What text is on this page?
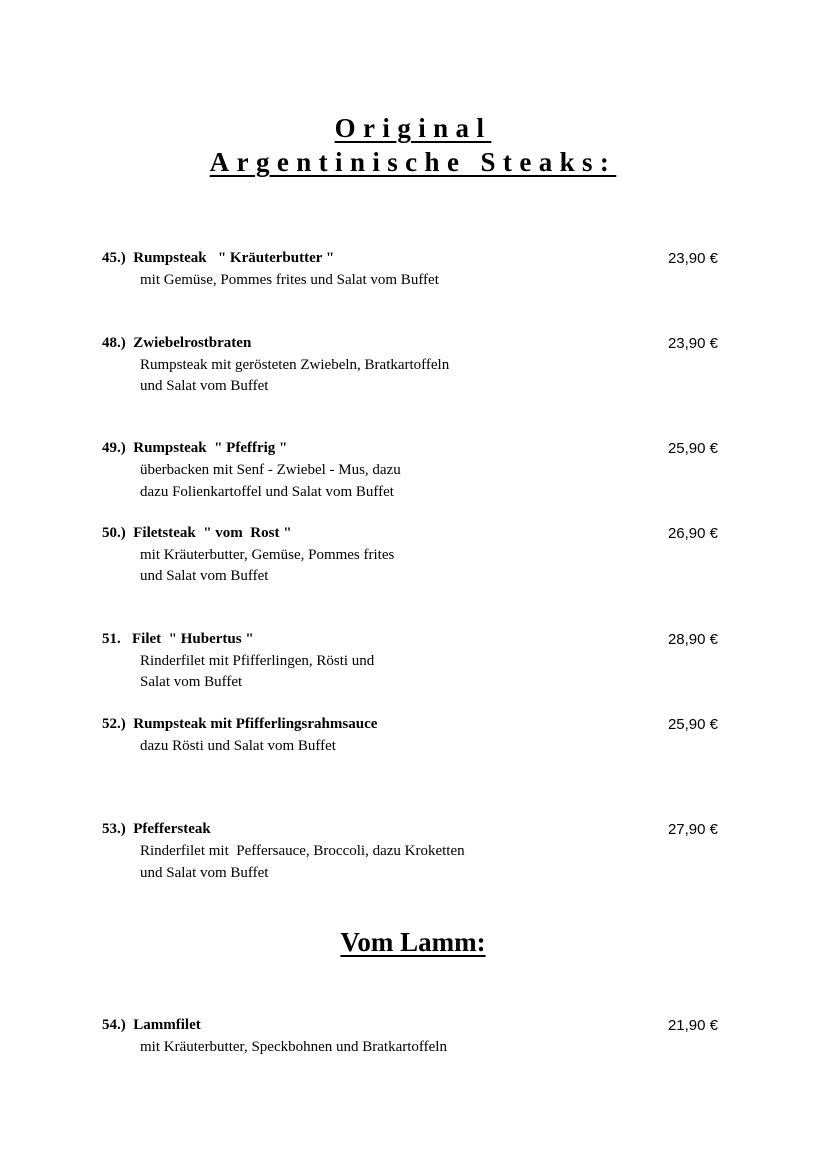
Original
Argentinische Steaks:
45.)  Rumpsteak   " Kräuterbutter "	23,90 €
mit Gemüse, Pommes frites und Salat vom Buffet
48.)  Zwiebelrostbraten	23,90 €
Rumpsteak mit gerösteten Zwiebeln, Bratkartoffeln
und Salat vom Buffet
49.)  Rumpsteak  " Pfeffrig "	25,90 €
überbacken mit Senf - Zwiebel - Mus, dazu
dazu Folienkartoffel und Salat vom Buffet
50.)  Filetsteak  " vom  Rost "	26,90 €
mit Kräuterbutter, Gemüse, Pommes frites
und Salat vom Buffet
51.   Filet  " Hubertus "	28,90 €
Rinderfilet mit Pfifferlingen, Rösti und
Salat vom Buffet
52.)  Rumpsteak mit Pfifferlingsrahmsauce	25,90 €
dazu Rösti und Salat vom Buffet
53.)  Pfeffersteak	27,90 €
Rinderfilet mit  Peffersauce, Broccoli, dazu Kroketten
und Salat vom Buffet
Vom Lamm:
54.)  Lammfilet	21,90 €
mit Kräuterbutter, Speckbohnen und Bratkartoffeln
